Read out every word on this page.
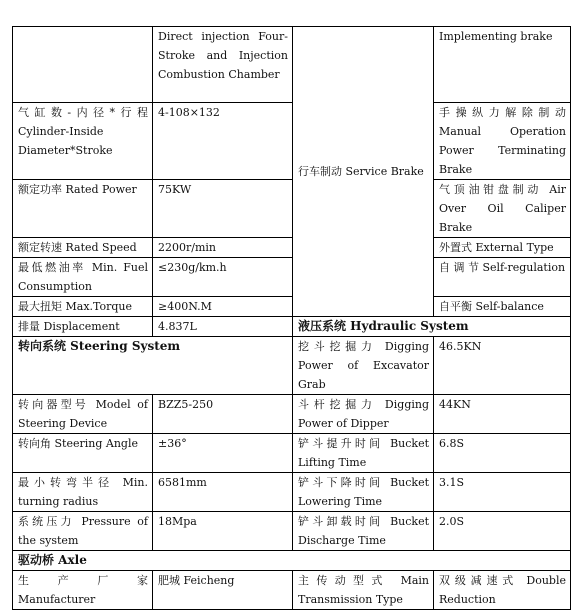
	Direct injection Four-Stroke and Injection Combustion Chamber	行车制动 Service Brake	Implementing brake
气缸数-内径*行程 Cylinder-Inside Diameter*Stroke	4-108×132		手操纵力解除制动 Manual Operation Power Terminating Brake
额定功率 Rated Power	75KW		气顶油钳盘制动 Air Over Oil Caliper Brake
额定转速 Rated Speed	2200r/min		外置式 External Type
最低燃油率 Min. Fuel Consumption	≤230g/km.h		自 调 节 Self-regulation
最大扭矩 Max.Torque	≥400N.M		自平衡 Self-balance
排量 Displacement	4.837L	液压系统 Hydraulic System	
转向系统 Steering System		挖斗挖掘力 Digging Power of Excavator Grab	46.5KN
转向器型号 Model of Steering Device	BZZ5-250	斗杆挖掘力 Digging Power of Dipper	44KN
转向角 Steering Angle	±36°	铲斗提升时间 Bucket Lifting Time	6.8S
最小转弯半径 Min. turning radius	6581mm	铲斗下降时间 Bucket Lowering Time	3.1S
系统压力 Pressure of the system	18Mpa	铲斗卸载时间 Bucket Discharge Time	2.0S
驱动桥 Axle			
生 产 厂 家 Manufacturer	肥城 Feicheng	主传动型式 Main Transmission Type	双级减速式 Double Reduction
